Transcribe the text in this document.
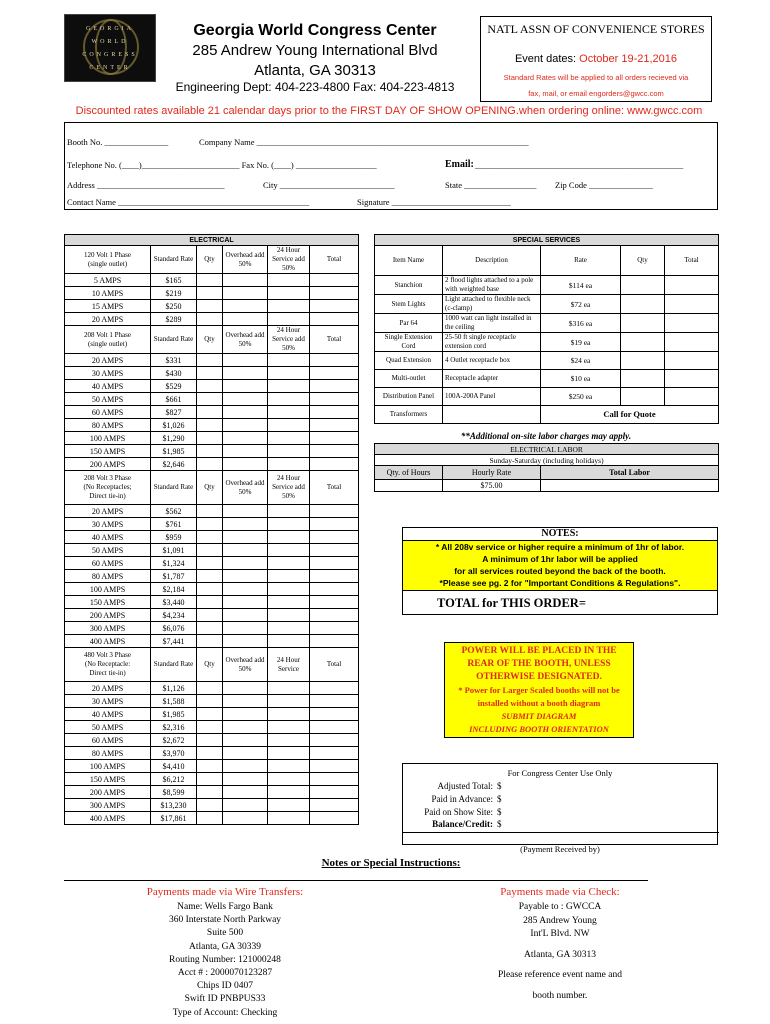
GEORGIA
WORLD
CONGRESS
CENTER
Georgia World Congress Center
285 Andrew Young International Blvd
Atlanta, GA 30313
Engineering Dept: 404-223-4800 Fax: 404-223-4813
NATL ASSN OF CONVENIENCE STORES
Event dates: October 19-21,2016
Standard Rates will be applied to all orders recieved via
fax, mail, or email engorders@gwcc.com
Discounted rates available 21 calendar days prior to the FIRST DAY OF SHOW OPENING.when ordering online: www.gwcc.com
Booth No. _______________	Company Name ________________________________________________________________
Telephone No. (____)_______________________ Fax No. (____) ___________________	Email: _________________________________________________
Address ______________________________	City ___________________________	State _________________ Zip Code _______________
Contact Name _____________________________________________	Signature ____________________________
ELECTRICAL					

120 Volt 1 Phase
(single outlet)	Standard Rate	Qty	Overhead add 50%	24 Hour Service add 50%	Total
5 AMPS	$165				
10 AMPS	$219				
15 AMPS	$250				
20 AMPS	$289				

208 Volt 1 Phase
(single outlet)	Standard Rate	Qty	Overhead add 50%	24 Hour Service add 50%	Total
20 AMPS	$331				
30 AMPS	$430				
40 AMPS	$529				
50 AMPS	$661				
60 AMPS	$827				
80 AMPS	$1,026				
100 AMPS	$1,290				
150 AMPS	$1,985				
200 AMPS	$2,646				

208 Volt 3 Phase
(No Receptacles;
Direct tie-in)	Standard Rate	Qty	Overhead add 50%	24 Hour Service add 50%	Total
20 AMPS	$562				
30 AMPS	$761				
40 AMPS	$959				
50 AMPS	$1,091				
60 AMPS	$1,324				
80 AMPS	$1,787				
100 AMPS	$2,184				
150 AMPS	$3,440				
200 AMPS	$4,234				
300 AMPS	$6,076				
400 AMPS	$7,441				

480 Volt 3 Phase
(No Receptacle:
Direct tie-in)	Standard Rate	Qty	Overhead add 50%	24 Hour Service	Total
20 AMPS	$1,126				
30 AMPS	$1,588				
40 AMPS	$1,985				
50 AMPS	$2,316				
60 AMPS	$2,672				
80 AMPS	$3,970				
100 AMPS	$4,410				
150 AMPS	$6,212				
200 AMPS	$8,599				
300 AMPS	$13,230				
400 AMPS	$17,861				
SPECIAL SERVICES				
Item Name	Description	Rate	Qty	Total
Stanchion	2 flood lights attached to a pole with weighted base	$114 ea		
Stem Lights	Light attached to flexible neck (c-clamp)	$72 ea		
Par 64	1000 watt can light installed in the ceiling	$316 ea		
Single Extension Cord	25-50 ft single receptacle extension cord	$19 ea		
Quad Extension	4 Outlet receptacle box	$24 ea		
Multi-outlet	Receptacle adapter	$10 ea		
Distribution Panel	100A-200A Panel	$250 ea		
Transformers		Call for Quote		
**Additional on-site labor charges may apply.
ELECTRICAL LABOR		
Sunday-Saturday (including holidays)		
Qty. of Hours	Hourly Rate	Total Labor
	$75.00	
NOTES:
* All 208v service or higher require a minimum of 1hr of labor.
A minimum of 1hr labor will be applied
for all services routed beyond the back of the booth.
*Please see pg. 2 for "Important Conditions & Regulations".
TOTAL for THIS ORDER=
POWER WILL BE PLACED IN THE
REAR OF THE BOOTH, UNLESS
OTHERWISE DESIGNATED.
* Power for Larger Scaled booths will not be
installed without a booth diagram
SUBMIT DIAGRAM
INCLUDING BOOTH ORIENTATION
For Congress Center Use Only
Adjusted Total: $
Paid in Advance: $
Paid on Show Site: $
Balance/Credit: $
(Payment Received by)
Notes or Special Instructions:
Payments made via Wire Transfers:
Name: Wells Fargo Bank
360 Interstate North Parkway
Suite 500
Atlanta, GA 30339
Routing Number: 121000248
Acct # : 2000070123287
Chips ID 0407
Swift ID PNBPUS33
Type of Account: Checking
Payments made via Check:
Payable to : GWCCA
285 Andrew Young
Int'L Blvd. NW
Atlanta, GA 30313
Please reference event name and
booth number.
